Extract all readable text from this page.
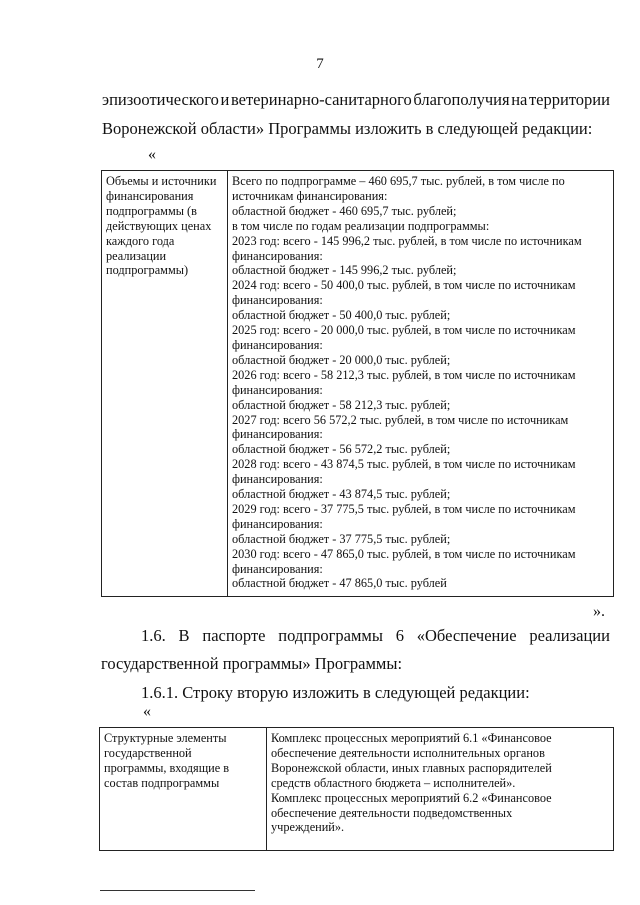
7
эпизоотического и ветеринарно-санитарного благополучия на территории
Воронежской области» Программы изложить в следующей редакции:
«
Объемы и источники
финансирования
подпрограммы (в
действующих ценах
каждого года
реализации
подпрограммы)
Всего по подпрограмме – 460 695,7 тыс. рублей, в том числе по
источникам финансирования:
областной бюджет - 460 695,7 тыс. рублей;
в том числе по годам реализации подпрограммы:
2023 год: всего - 145 996,2 тыс. рублей, в том числе по источникам
финансирования:
областной бюджет - 145 996,2 тыс. рублей;
2024 год: всего - 50 400,0 тыс. рублей, в том числе по источникам
финансирования:
областной бюджет - 50 400,0 тыс. рублей;
2025 год: всего - 20 000,0 тыс. рублей, в том числе по источникам
финансирования:
областной бюджет - 20 000,0 тыс. рублей;
2026 год: всего - 58 212,3 тыс. рублей, в том числе по источникам
финансирования:
областной бюджет - 58 212,3 тыс. рублей;
2027 год: всего 56 572,2 тыс. рублей, в том числе по источникам
финансирования:
областной бюджет - 56 572,2 тыс. рублей;
2028 год: всего - 43 874,5 тыс. рублей, в том числе по источникам
финансирования:
областной бюджет - 43 874,5 тыс. рублей;
2029 год: всего - 37 775,5 тыс. рублей, в том числе по источникам
финансирования:
областной бюджет - 37 775,5 тыс. рублей;
2030 год: всего - 47 865,0 тыс. рублей, в том числе по источникам
финансирования:
областной бюджет - 47 865,0 тыс. рублей
».
1.6. В паспорте подпрограммы 6 «Обеспечение реализации
государственной программы» Программы:
1.6.1. Строку вторую изложить в следующей редакции:
«
Структурные элементы
государственной
программы, входящие в
состав подпрограммы
Комплекс процессных мероприятий 6.1 «Финансовое
обеспечение деятельности исполнительных органов
Воронежской области, иных главных распорядителей
средств областного бюджета – исполнителей».
Комплекс процессных мероприятий 6.2 «Финансовое
обеспечение деятельности подведомственных
учреждений».
